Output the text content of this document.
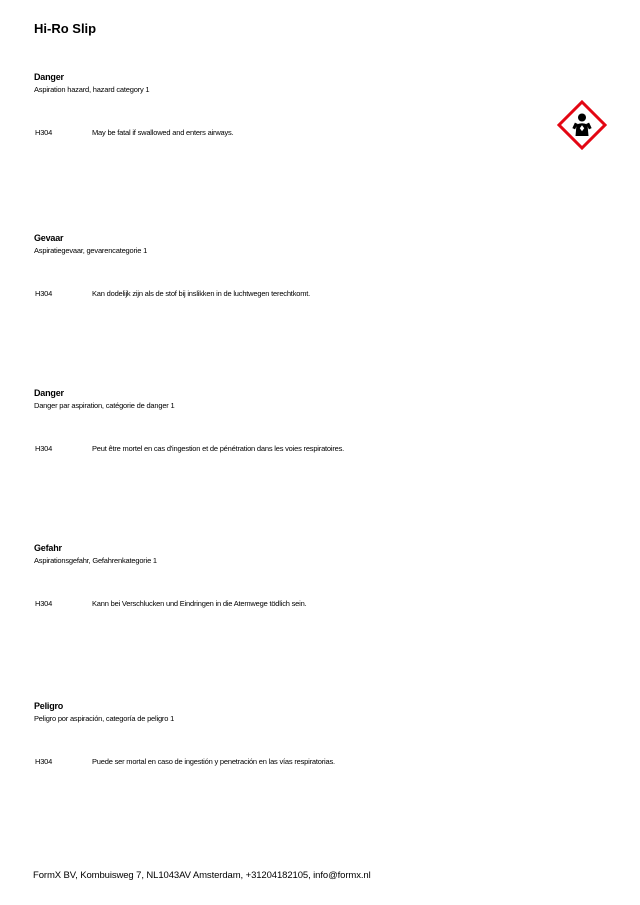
Hi-Ro Slip
Danger
Aspiration hazard, hazard category 1
H304	May be fatal if swallowed and enters airways.
Gevaar
Aspiratiegevaar, gevarencategorie 1
H304	Kan dodelijk zijn als de stof bij inslikken in de luchtwegen terechtkomt.
Danger
Danger par aspiration, catégorie de danger 1
H304	Peut être mortel en cas d'ingestion et de pénétration dans les voies respiratoires.
Gefahr
Aspirationsgefahr, Gefahrenkategorie 1
H304	Kann bei Verschlucken und Eindringen in die Atemwege tödlich sein.
Peligro
Peligro por aspiración, categoría de peligro 1
H304	Puede ser mortal en caso de ingestión y penetración en las vías respiratorias.
FormX BV, Kombuisweg 7, NL1043AV Amsterdam, +31204182105, info@formx.nl
